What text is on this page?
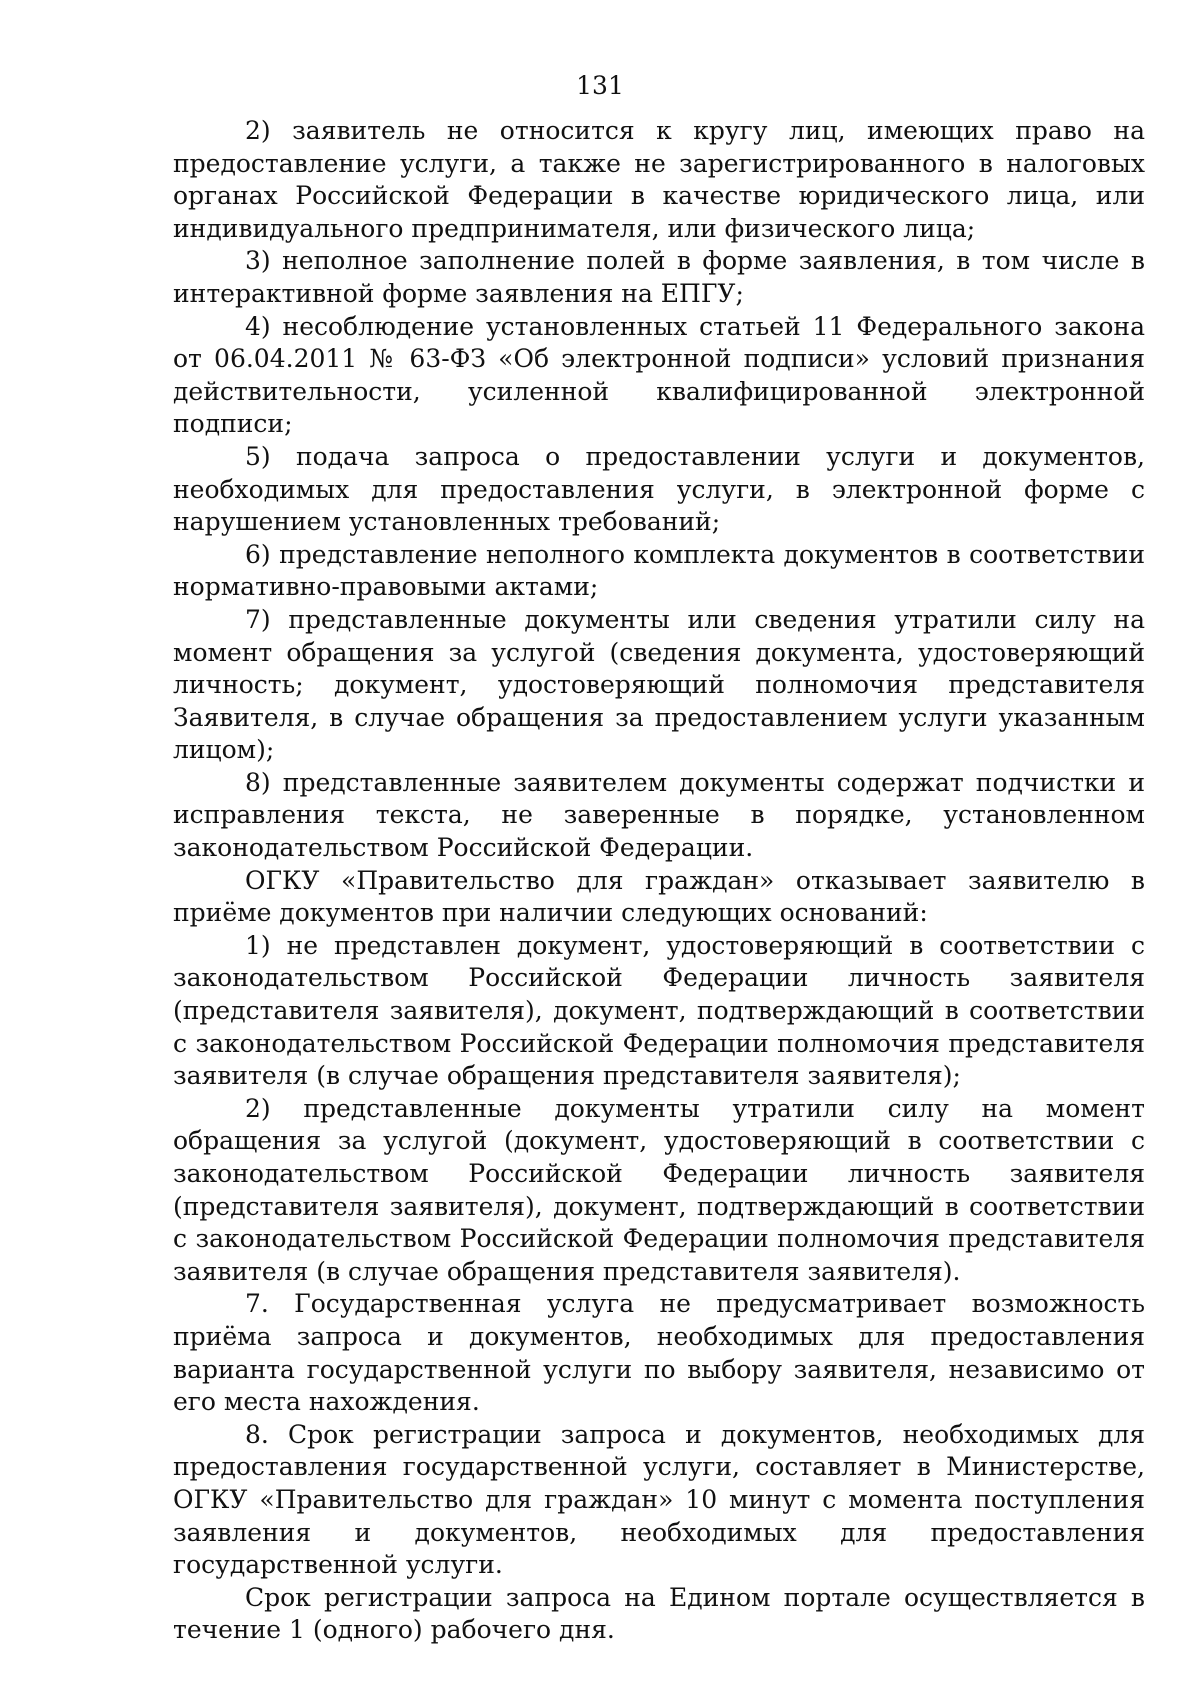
131

2) заявитель не относится к кругу лиц, имеющих право на предоставление услуги, а также не зарегистрированного в налоговых органах Российской Федерации в качестве юридического лица, или индивидуального предпринимателя, или физического лица;

3) неполное заполнение полей в форме заявления, в том числе в интерактивной форме заявления на ЕПГУ;

4) несоблюдение установленных статьей 11 Федерального закона от 06.04.2011 № 63-ФЗ «Об электронной подписи» условий признания действительности, усиленной квалифицированной электронной подписи;

5) подача запроса о предоставлении услуги и документов, необходимых для предоставления услуги, в электронной форме с нарушением установленных требований;

6) представление неполного комплекта документов в соответствии нормативно-правовыми актами;

7) представленные документы или сведения утратили силу на момент обращения за услугой (сведения документа, удостоверяющий личность; документ, удостоверяющий полномочия представителя Заявителя, в случае обращения за предоставлением услуги указанным лицом);

8) представленные заявителем документы содержат подчистки и исправления текста, не заверенные в порядке, установленном законодательством Российской Федерации.

ОГКУ «Правительство для граждан» отказывает заявителю в приёме документов при наличии следующих оснований:

1) не представлен документ, удостоверяющий в соответствии с законодательством Российской Федерации личность заявителя (представителя заявителя), документ, подтверждающий в соответствии с законодательством Российской Федерации полномочия представителя заявителя (в случае обращения представителя заявителя);

2) представленные документы утратили силу на момент обращения за услугой (документ, удостоверяющий в соответствии с законодательством Российской Федерации личность заявителя (представителя заявителя), документ, подтверждающий в соответствии с законодательством Российской Федерации полномочия представителя заявителя (в случае обращения представителя заявителя).

7. Государственная услуга не предусматривает возможность приёма запроса и документов, необходимых для предоставления варианта государственной услуги по выбору заявителя, независимо от его места нахождения.

8. Срок регистрации запроса и документов, необходимых для предоставления государственной услуги, составляет в Министерстве, ОГКУ «Правительство для граждан» 10 минут с момента поступления заявления и документов, необходимых для предоставления государственной услуги.

Срок регистрации запроса на Едином портале осуществляется в течение 1 (одного) рабочего дня.
